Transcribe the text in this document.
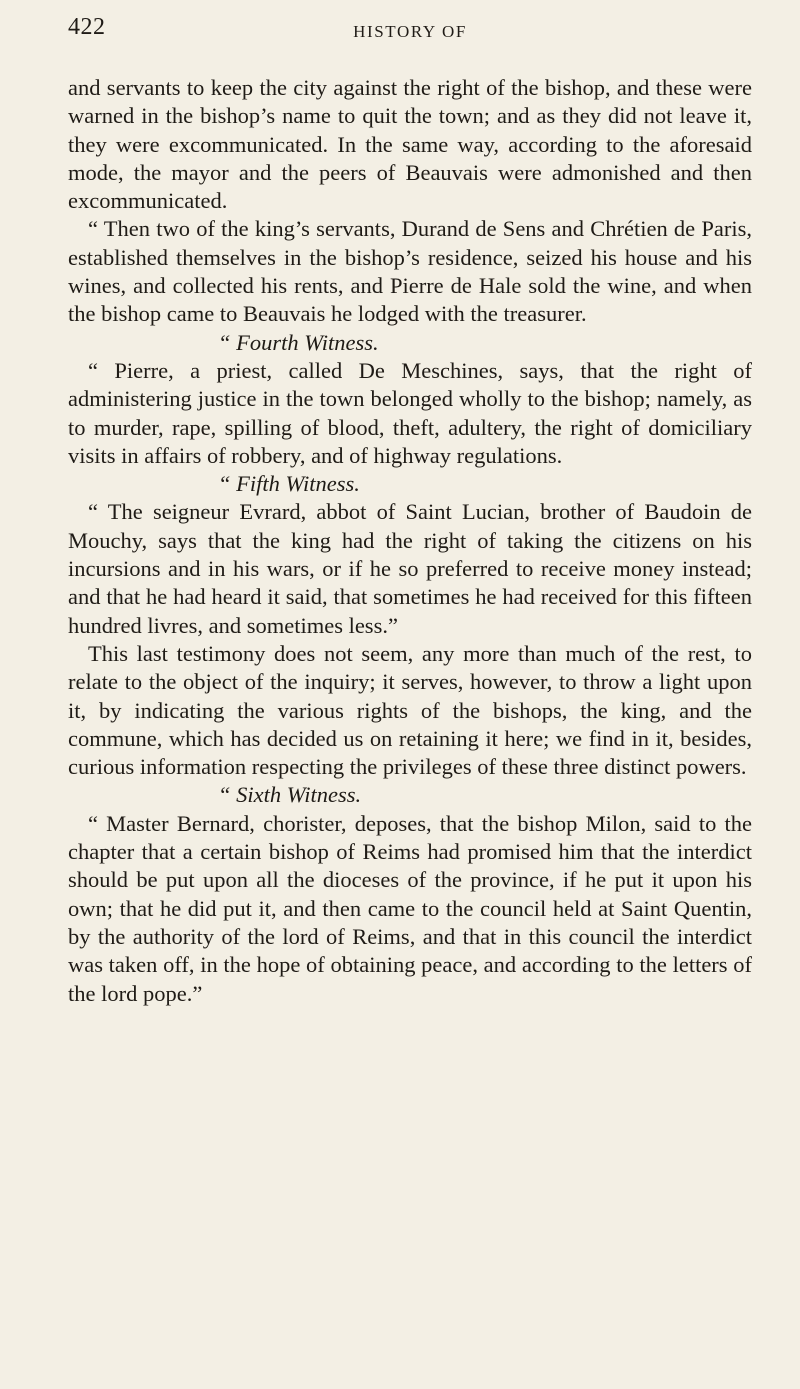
422	HISTORY OF

and servants to keep the city against the right of the bishop, and these were warned in the bishop’s name to quit the town; and as they did not leave it, they were excommunicated. In the same way, according to the aforesaid mode, the mayor and the peers of Beauvais were admonished and then excommunicated.

“ Then two of the king’s servants, Durand de Sens and Chrétien de Paris, established themselves in the bishop’s residence, seized his house and his wines, and collected his rents, and Pierre de Hale sold the wine, and when the bishop came to Beauvais he lodged with the treasurer.

“ Fourth Witness.

“ Pierre, a priest, called De Meschines, says, that the right of administering justice in the town belonged wholly to the bishop; namely, as to murder, rape, spilling of blood, theft, adultery, the right of domiciliary visits in affairs of robbery, and of highway regulations.

“ Fifth Witness.

“ The seigneur Evrard, abbot of Saint Lucian, brother of Baudoin de Mouchy, says that the king had the right of taking the citizens on his incursions and in his wars, or if he so preferred to receive money instead; and that he had heard it said, that sometimes he had received for this fifteen hundred livres, and sometimes less.”

This last testimony does not seem, any more than much of the rest, to relate to the object of the inquiry; it serves, however, to throw a light upon it, by indicating the various rights of the bishops, the king, and the commune, which has decided us on retaining it here; we find in it, besides, curious information respecting the privileges of these three distinct powers.

“ Sixth Witness.

“ Master Bernard, chorister, deposes, that the bishop Milon, said to the chapter that a certain bishop of Reims had promised him that the interdict should be put upon all the dioceses of the province, if he put it upon his own; that he did put it, and then came to the council held at Saint Quentin, by the authority of the lord of Reims, and that in this council the interdict was taken off, in the hope of obtaining peace, and according to the letters of the lord pope.”
